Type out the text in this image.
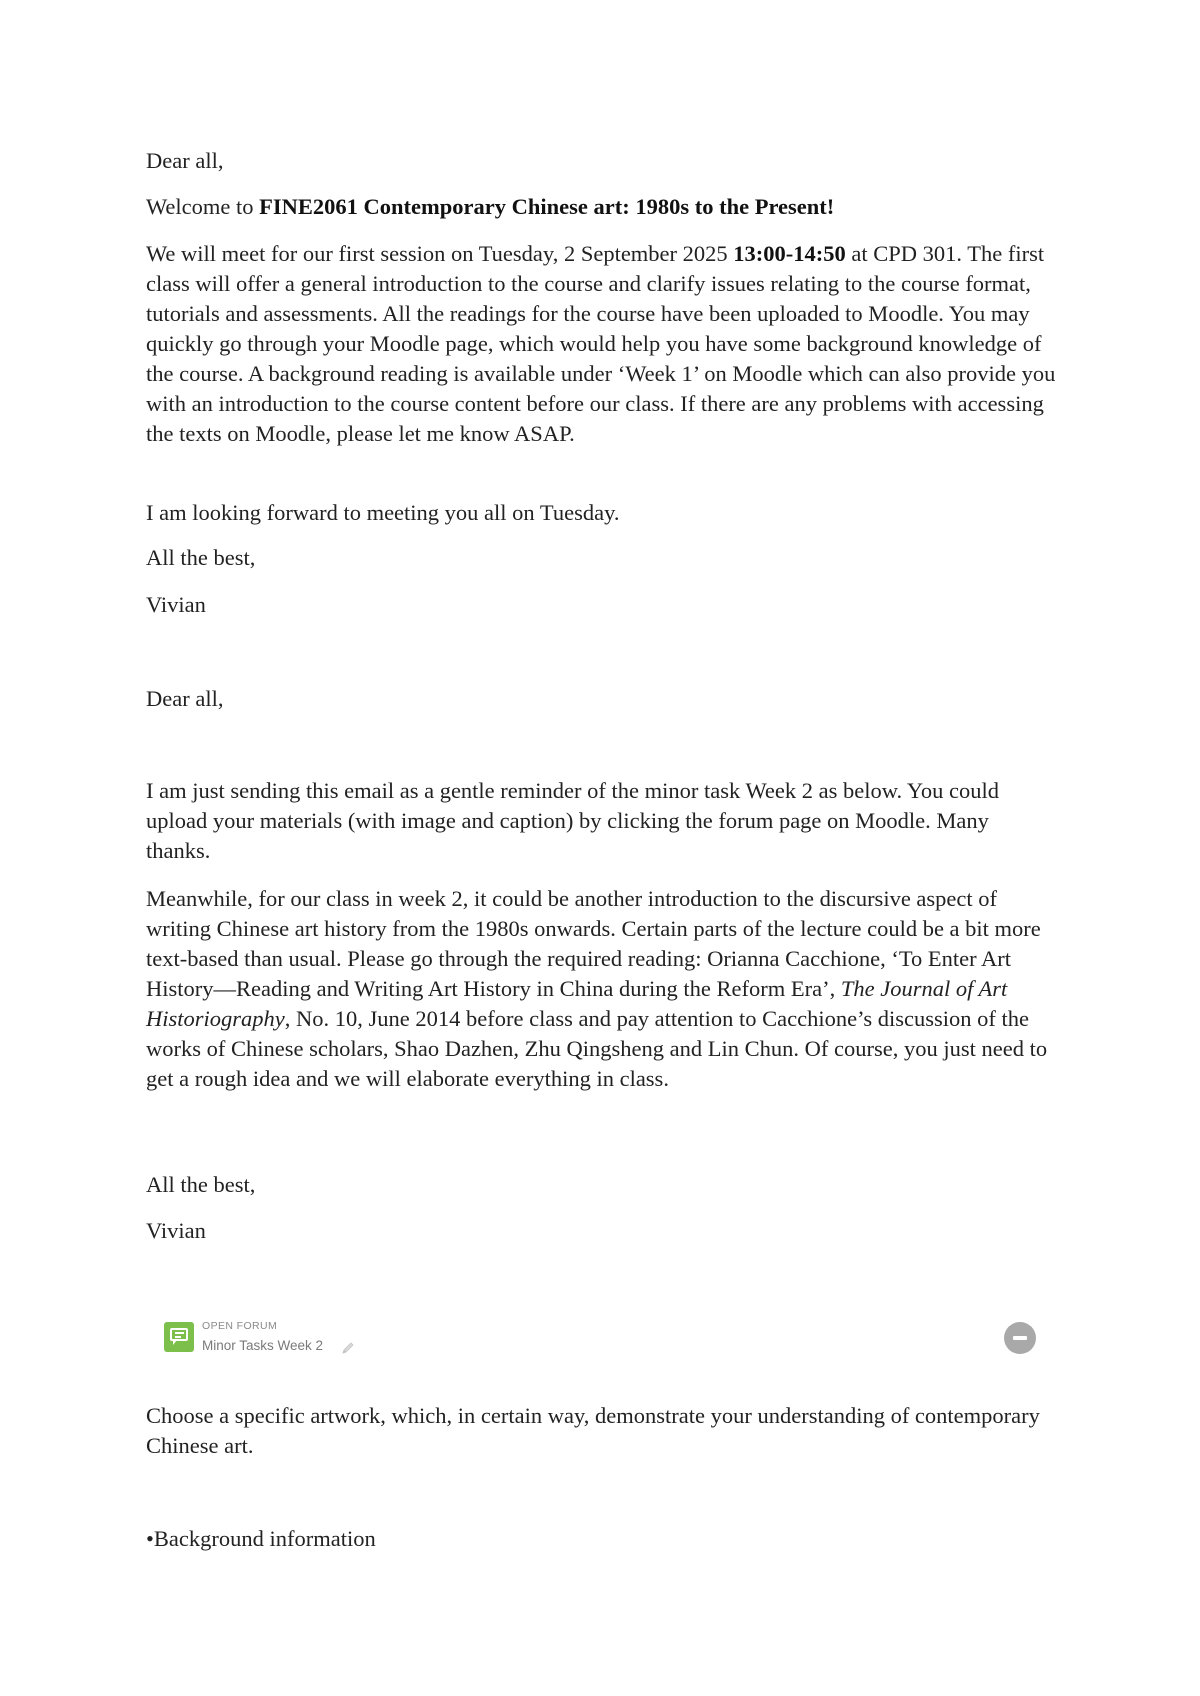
Dear all,

Welcome to FINE2061 Contemporary Chinese art: 1980s to the Present!

We will meet for our first session on Tuesday, 2 September 2025 13:00-14:50 at CPD 301. The first class will offer a general introduction to the course and clarify issues relating to the course format, tutorials and assessments. All the readings for the course have been uploaded to Moodle. You may quickly go through your Moodle page, which would help you have some background knowledge of the course. A background reading is available under ‘Week 1’ on Moodle which can also provide you with an introduction to the course content before our class. If there are any problems with accessing the texts on Moodle, please let me know ASAP.

I am looking forward to meeting you all on Tuesday.

All the best,

Vivian

Dear all,

I am just sending this email as a gentle reminder of the minor task Week 2 as below. You could upload your materials (with image and caption) by clicking the forum page on Moodle. Many thanks.

Meanwhile, for our class in week 2, it could be another introduction to the discursive aspect of writing Chinese art history from the 1980s onwards. Certain parts of the lecture could be a bit more text-based than usual. Please go through the required reading: Orianna Cacchione, ‘To Enter Art History—Reading and Writing Art History in China during the Reform Era’, The Journal of Art Historiography, No. 10, June 2014 before class and pay attention to Cacchione’s discussion of the works of Chinese scholars, Shao Dazhen, Zhu Qingsheng and Lin Chun. Of course, you just need to get a rough idea and we will elaborate everything in class.

All the best,

Vivian

Choose a specific artwork, which, in certain way, demonstrate your understanding of contemporary Chinese art.

•Background information

OPEN FORUM
Minor Tasks Week 2
